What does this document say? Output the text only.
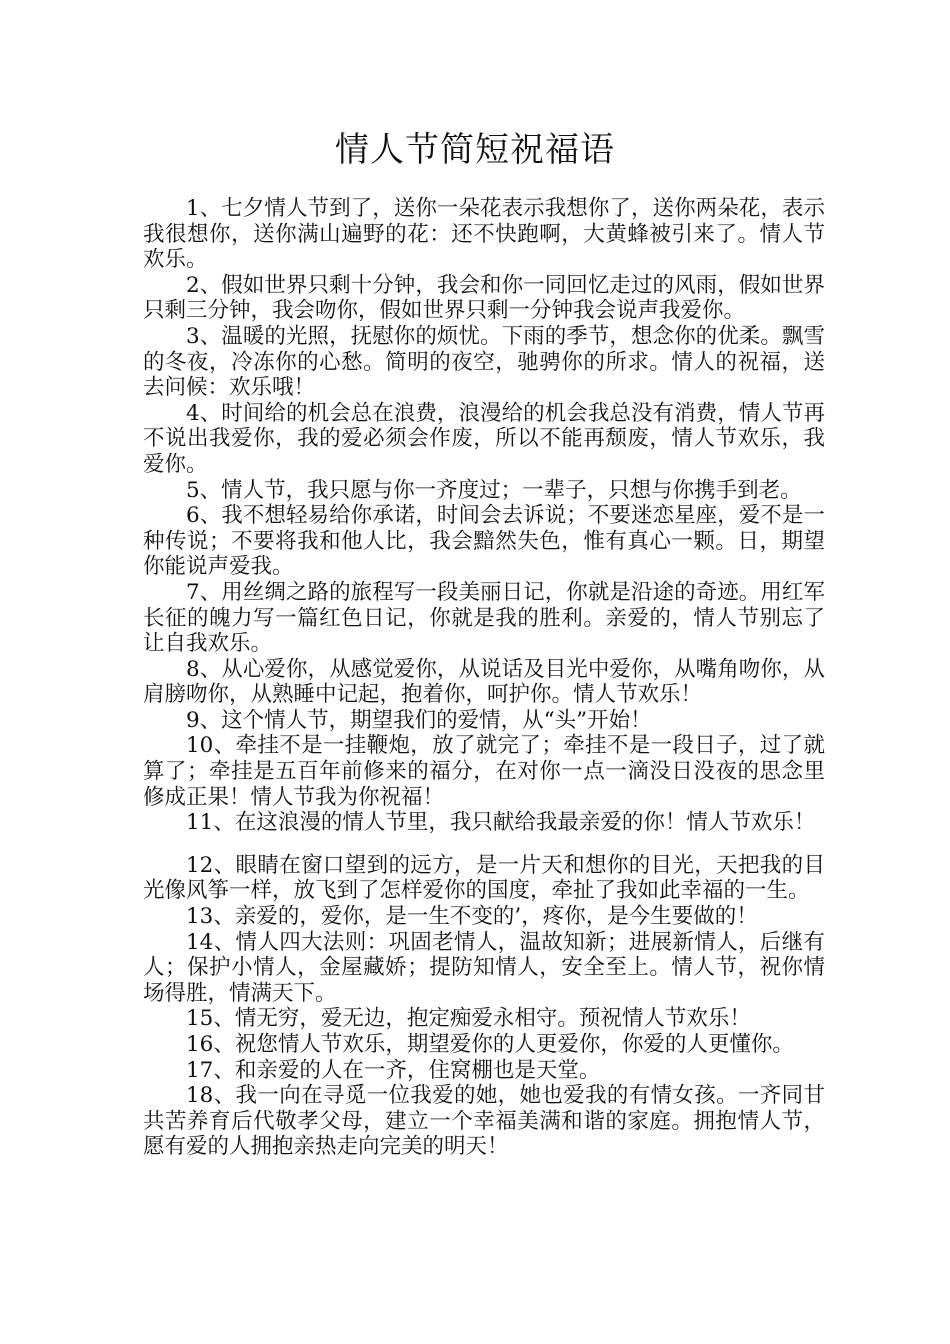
情人节简短祝福语

1、七夕情人节到了，送你一朵花表示我想你了，送你两朵花，表示我很想你，送你满山遍野的花：还不快跑啊，大黄蜂被引来了。情人节欢乐。

2、假如世界只剩十分钟，我会和你一同回忆走过的风雨，假如世界只剩三分钟，我会吻你，假如世界只剩一分钟我会说声我爱你。

3、温暖的光照，抚慰你的烦忧。下雨的季节，想念你的优柔。飘雪的冬夜，冷冻你的心愁。简明的夜空，驰骋你的所求。情人的祝福，送去问候：欢乐哦！

4、时间给的机会总在浪费，浪漫给的机会我总没有消费，情人节再不说出我爱你，我的爱必须会作废，所以不能再颓废，情人节欢乐，我爱你。

5、情人节，我只愿与你一齐度过；一辈子，只想与你携手到老。

6、我不想轻易给你承诺，时间会去诉说；不要迷恋星座，爱不是一种传说；不要将我和他人比，我会黯然失色，惟有真心一颗。日，期望你能说声爱我。

7、用丝绸之路的旅程写一段美丽日记，你就是沿途的奇迹。用红军长征的魄力写一篇红色日记，你就是我的胜利。亲爱的，情人节别忘了让自我欢乐。

8、从心爱你，从感觉爱你，从说话及目光中爱你，从嘴角吻你，从肩膀吻你，从熟睡中记起，抱着你，呵护你。情人节欢乐！

9、这个情人节，期望我们的爱情，从“头”开始！

10、牵挂不是一挂鞭炮，放了就完了；牵挂不是一段日子，过了就算了；牵挂是五百年前修来的福分，在对你一点一滴没日没夜的思念里修成正果！情人节我为你祝福！

11、在这浪漫的情人节里，我只献给我最亲爱的你！情人节欢乐！

12、眼睛在窗口望到的远方，是一片天和想你的目光，天把我的目光像风筝一样，放飞到了怎样爱你的国度，牵扯了我如此幸福的一生。

13、亲爱的，爱你，是一生不变的’，疼你，是今生要做的！

14、情人四大法则：巩固老情人，温故知新；进展新情人，后继有人；保护小情人，金屋藏娇；提防知情人，安全至上。情人节，祝你情场得胜，情满天下。

15、情无穷，爱无边，抱定痴爱永相守。预祝情人节欢乐！

16、祝您情人节欢乐，期望爱你的人更爱你，你爱的人更懂你。

17、和亲爱的人在一齐，住窝棚也是天堂。

18、我一向在寻觅一位我爱的她，她也爱我的有情女孩。一齐同甘共苦养育后代敬孝父母，建立一个幸福美满和谐的家庭。拥抱情人节，愿有爱的人拥抱亲热走向完美的明天！
